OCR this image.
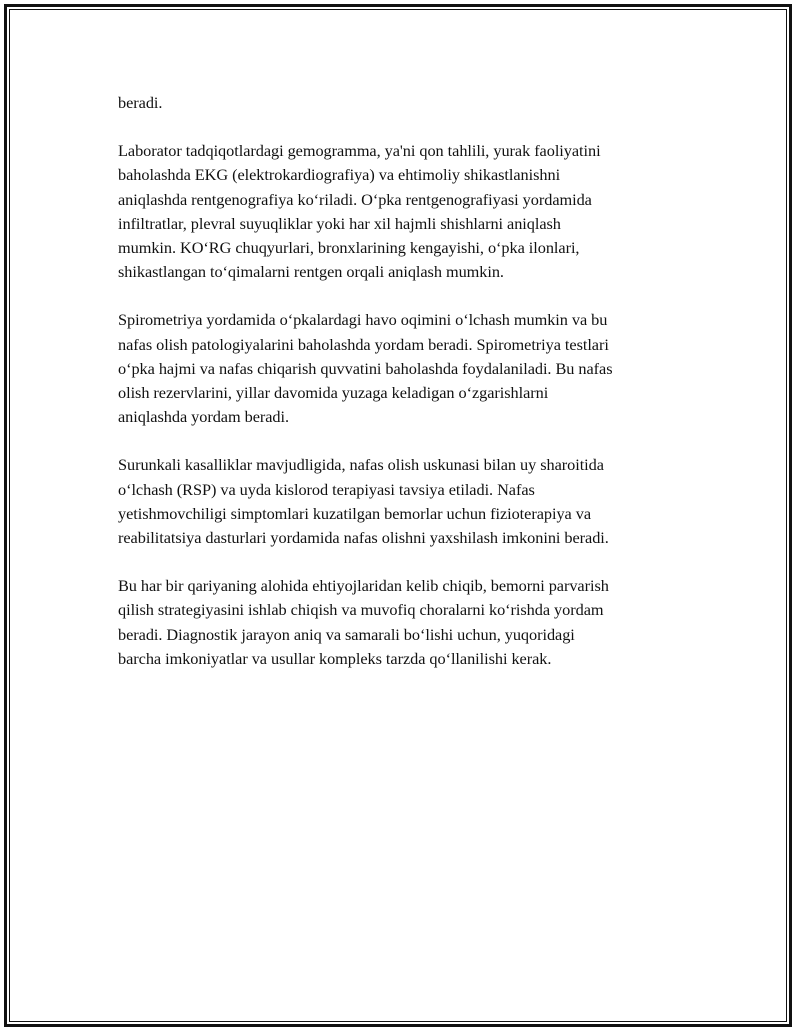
beradi.

Laborator tadqiqotlardagi gemogramma, ya'ni qon tahlili, yurak faoliyatini
baholashda EKG (elektrokardiografiya) va ehtimoliy shikastlanishni
aniqlashda rentgenografiya ko‘riladi. O‘pka rentgenografiyasi yordamida
infiltratlar, plevral suyuqliklar yoki har xil hajmli shishlarni aniqlash
mumkin. KO‘RG chuqyurlari, bronxlarining kengayishi, o‘pka ilonlari,
shikastlangan to‘qimalarni rentgen orqali aniqlash mumkin.

Spirometriya yordamida o‘pkalardagi havo oqimini o‘lchash mumkin va bu
nafas olish patologiyalarini baholashda yordam beradi. Spirometriya testlari
o‘pka hajmi va nafas chiqarish quvvatini baholashda foydalaniladi. Bu nafas
olish rezervlarini, yillar davomida yuzaga keladigan o‘zgarishlarni
aniqlashda yordam beradi.

Surunkali kasalliklar mavjudligida, nafas olish uskunasi bilan uy sharoitida
o‘lchash (RSP) va uyda kislorod terapiyasi tavsiya etiladi. Nafas
yetishmovchiligi simptomlari kuzatilgan bemorlar uchun fizioterapiya va
reabilitatsiya dasturlari yordamida nafas olishni yaxshilash imkonini beradi.

Bu har bir qariyaning alohida ehtiyojlaridan kelib chiqib, bemorni parvarish
qilish strategiyasini ishlab chiqish va muvofiq choralarni ko‘rishda yordam
beradi. Diagnostik jarayon aniq va samarali bo‘lishi uchun, yuqoridagi
barcha imkoniyatlar va usullar kompleks tarzda qo‘llanilishi kerak.
